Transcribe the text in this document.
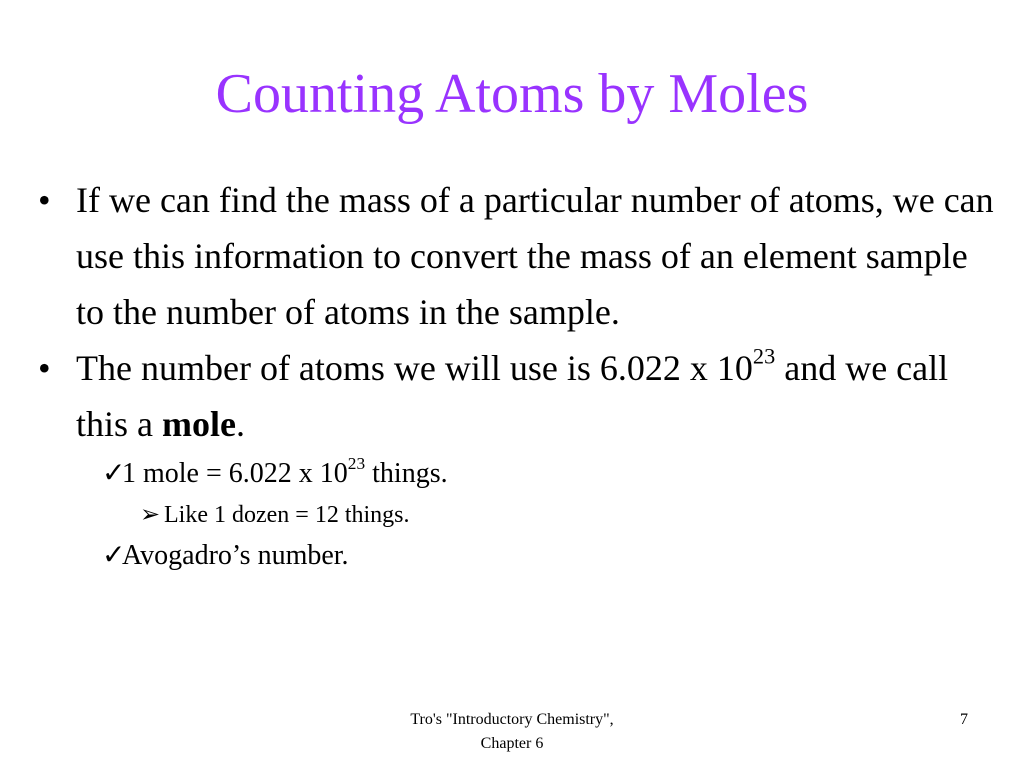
Counting Atoms by Moles
• If we can find the mass of a particular number of atoms, we can use this information to convert the mass of an element sample to the number of atoms in the sample.
• The number of atoms we will use is 6.022 x $10^{23}$ and we call this a mole.
✓
1 mole = 6.022 x $10^{23}$ things.
➢ Like 1 dozen = 12 things.
✓
Avogadro’s number.
Tro's "Introductory Chemistry",
Chapter 6
7
